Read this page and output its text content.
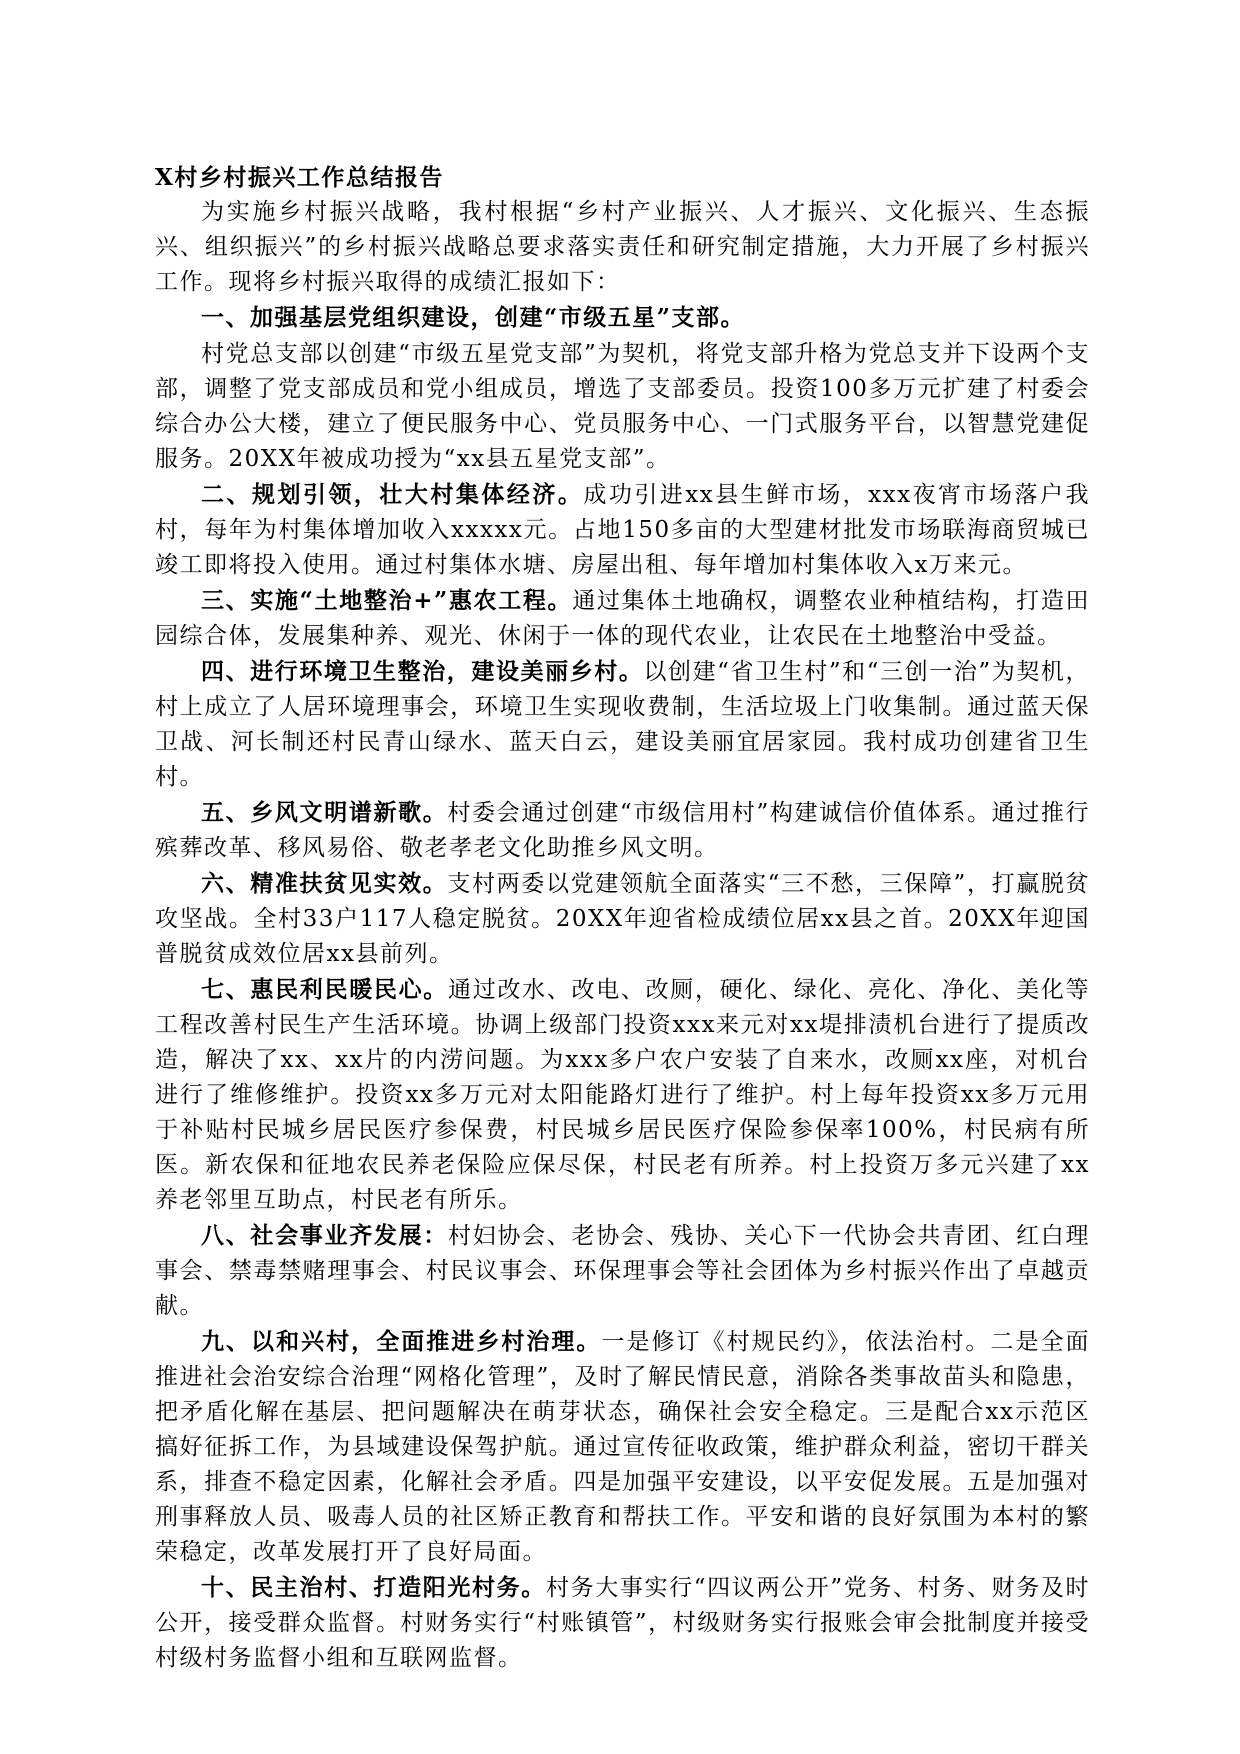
X村乡村振兴工作总结报告

为实施乡村振兴战略，我村根据“乡村产业振兴、人才振兴、文化振兴、生态振兴、组织振兴”的乡村振兴战略总要求落实责任和研究制定措施，大力开展了乡村振兴工作。现将乡村振兴取得的成绩汇报如下：

一、加强基层党组织建设，创建“市级五星”支部。

村党总支部以创建“市级五星党支部”为契机，将党支部升格为党总支并下设两个支部，调整了党支部成员和党小组成员，增选了支部委员。投资100多万元扩建了村委会综合办公大楼，建立了便民服务中心、党员服务中心、一门式服务平台，以智慧党建促服务。20XX年被成功授为“xx县五星党支部”。

二、规划引领，壮大村集体经济。成功引进xx县生鲜市场，xxx夜宵市场落户我村，每年为村集体增加收入xxxxx元。占地150多亩的大型建材批发市场联海商贸城已竣工即将投入使用。通过村集体水塘、房屋出租、每年增加村集体收入x万来元。

三、实施“土地整治+”惠农工程。通过集体土地确权，调整农业种植结构，打造田园综合体，发展集种养、观光、休闲于一体的现代农业，让农民在土地整治中受益。

四、进行环境卫生整治，建设美丽乡村。以创建“省卫生村”和“三创一治”为契机，村上成立了人居环境理事会，环境卫生实现收费制，生活垃圾上门收集制。通过蓝天保卫战、河长制还村民青山绿水、蓝天白云，建设美丽宜居家园。我村成功创建省卫生村。

五、乡风文明谱新歌。村委会通过创建“市级信用村”构建诚信价值体系。通过推行殡葬改革、移风易俗、敬老孝老文化助推乡风文明。

六、精准扶贫见实效。支村两委以党建领航全面落实“三不愁，三保障”，打赢脱贫攻坚战。全村33户117人稳定脱贫。20XX年迎省检成绩位居xx县之首。20XX年迎国普脱贫成效位居xx县前列。

七、惠民利民暖民心。通过改水、改电、改厕，硬化、绿化、亮化、净化、美化等工程改善村民生产生活环境。协调上级部门投资xxx来元对xx堤排渍机台进行了提质改造，解决了xx、xx片的内涝问题。为xxx多户农户安装了自来水，改厕xx座，对机台进行了维修维护。投资xx多万元对太阳能路灯进行了维护。村上每年投资xx多万元用于补贴村民城乡居民医疗参保费，村民城乡居民医疗保险参保率100%，村民病有所医。新农保和征地农民养老保险应保尽保，村民老有所养。村上投资万多元兴建了xx养老邻里互助点，村民老有所乐。

八、社会事业齐发展：村妇协会、老协会、残协、关心下一代协会共青团、红白理事会、禁毒禁赌理事会、村民议事会、环保理事会等社会团体为乡村振兴作出了卓越贡献。

九、以和兴村，全面推进乡村治理。一是修订《村规民约》，依法治村。二是全面推进社会治安综合治理“网格化管理”，及时了解民情民意，消除各类事故苗头和隐患，把矛盾化解在基层、把问题解决在萌芽状态，确保社会安全稳定。三是配合xx示范区搞好征拆工作，为县域建设保驾护航。通过宣传征收政策，维护群众利益，密切干群关系，排查不稳定因素，化解社会矛盾。四是加强平安建设，以平安促发展。五是加强对刑事释放人员、吸毒人员的社区矫正教育和帮扶工作。平安和谐的良好氛围为本村的繁荣稳定，改革发展打开了良好局面。

十、民主治村、打造阳光村务。村务大事实行“四议两公开”党务、村务、财务及时公开，接受群众监督。村财务实行“村账镇管”，村级财务实行报账会审会批制度并接受村级村务监督小组和互联网监督。
